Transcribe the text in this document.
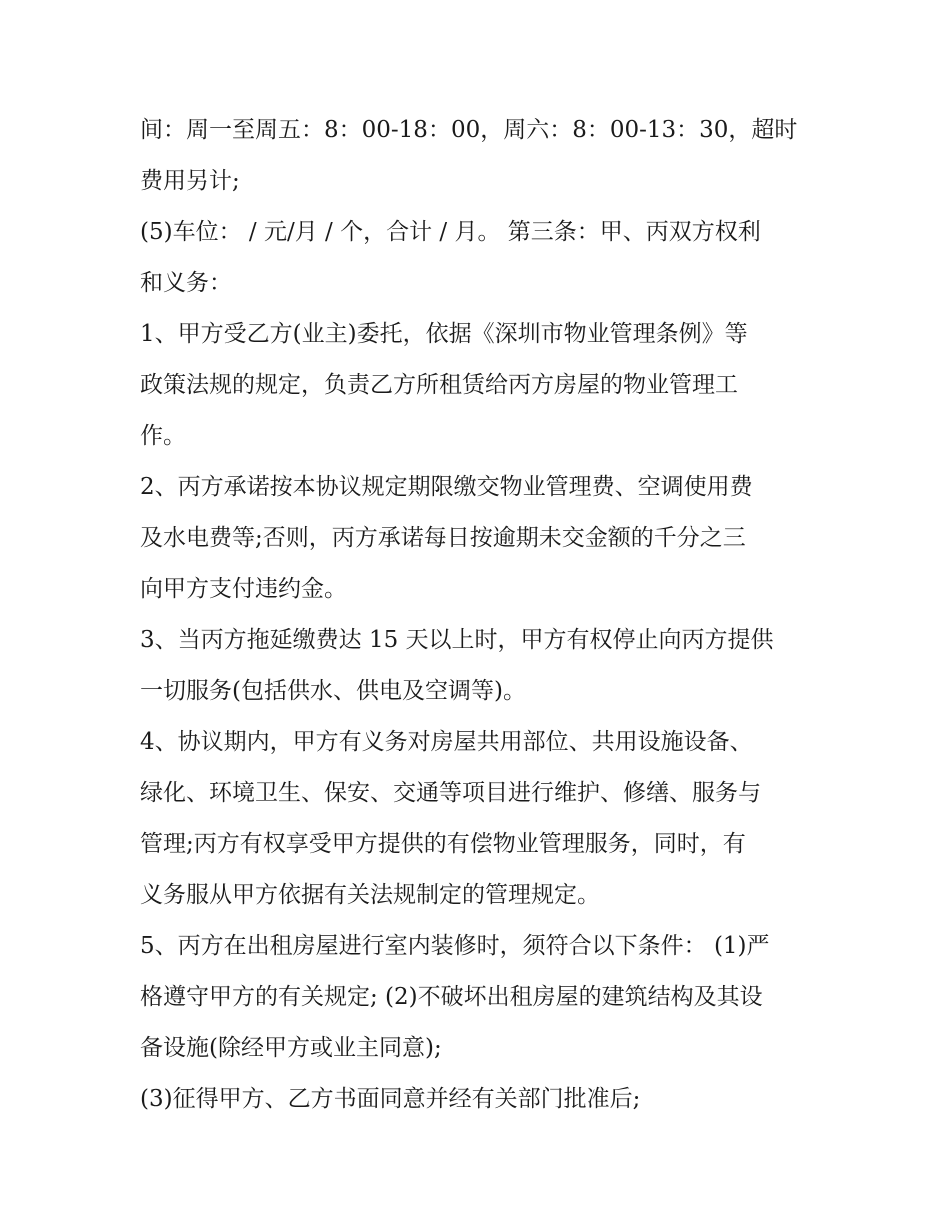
间：周一至周五：8：00-18：00，周六：8：00-13：30，超时
费用另计;
(5)车位： / 元/月 / 个，合计 / 月。 第三条：甲、丙双方权利
和义务：
1、甲方受乙方(业主)委托，依据《深圳市物业管理条例》等
政策法规的规定，负责乙方所租赁给丙方房屋的物业管理工
作。
2、丙方承诺按本协议规定期限缴交物业管理费、空调使用费
及水电费等;否则，丙方承诺每日按逾期未交金额的千分之三
向甲方支付违约金。
3、当丙方拖延缴费达 15 天以上时，甲方有权停止向丙方提供
一切服务(包括供水、供电及空调等)。
4、协议期内，甲方有义务对房屋共用部位、共用设施设备、
绿化、环境卫生、保安、交通等项目进行维护、修缮、服务与
管理;丙方有权享受甲方提供的有偿物业管理服务，同时，有
义务服从甲方依据有关法规制定的管理规定。
5、丙方在出租房屋进行室内装修时，须符合以下条件： (1)严
格遵守甲方的有关规定; (2)不破坏出租房屋的建筑结构及其设
备设施(除经甲方或业主同意);
(3)征得甲方、乙方书面同意并经有关部门批准后;
